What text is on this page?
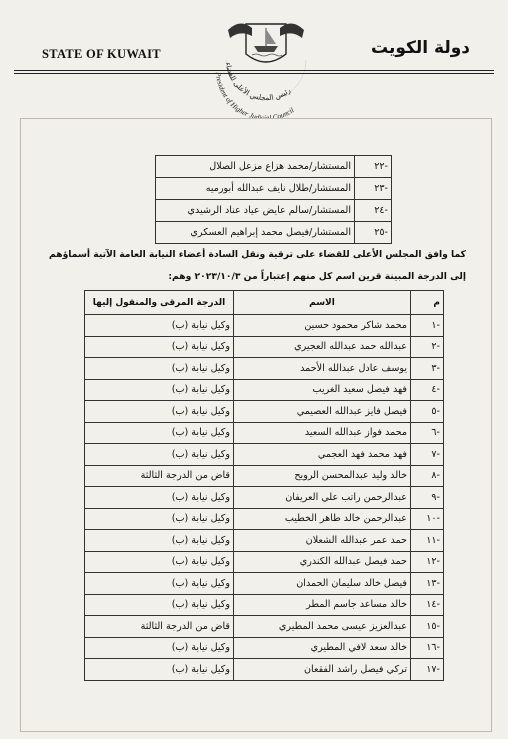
STATE OF KUWAIT	دولة الكويت
رئيس المجلس الأعلى للقضاء
President of Higher Judi l Council
-٢٢	المستشار/محمد هزاع مزعل الصلال
-٢٣	المستشار/طلال نايف عبدالله أبورميه
-٢٤	المستشار/سالم عايض عياد عناد الرشيدي
-٢٥	المستشار/فيصل محمد إبراهيم العسكري
كما وافق المجلس الأعلى للقضاء على ترقية ونقل السادة أعضاء النيابة العامة الآتية أسماؤهم
إلى الدرجة المبينة قرين اسم كل منهم إعتباراً من ٢٠٢٣/١٠/٣ وهم:
م	الاسم	الدرجة المرقى والمنقول إليها
-١	محمد شاكر محمود حسين	وكيل نيابة (ب)
-٢	عبدالله حمد عبدالله العجيري	وكيل نيابة (ب)
-٣	يوسف عادل عبدالله الأحمد	وكيل نيابة (ب)
-٤	فهد فيصل سعيد الغريب	وكيل نيابة (ب)
-٥	فيصل فايز عبدالله العصيمي	وكيل نيابة (ب)
-٦	محمد فواز عبدالله السعيد	وكيل نيابة (ب)
-٧	فهد محمد فهد العجمي	وكيل نيابة (ب)
-٨	خالد وليد عبدالمحسن الرويح	قاض من الدرجة الثالثة
-٩	عبدالرحمن راتب علي العريفان	وكيل نيابة (ب)
-١٠	عبدالرحمن خالد طاهر الخطيب	وكيل نيابة (ب)
-١١	حمد عمر عبدالله الشعلان	وكيل نيابة (ب)
-١٢	حمد فيصل عبدالله الكندري	وكيل نيابة (ب)
-١٣	فيصل خالد سليمان الحمدان	وكيل نيابة (ب)
-١٤	خالد مساعد جاسم المطر	وكيل نيابة (ب)
-١٥	عبدالعزيز عيسى محمد المطيري	قاض من الدرجة الثالثة
-١٦	خالد سعد لافي المطيري	وكيل نيابة (ب)
-١٧	تركي فيصل راشد الفقعان	وكيل نيابة (ب)
